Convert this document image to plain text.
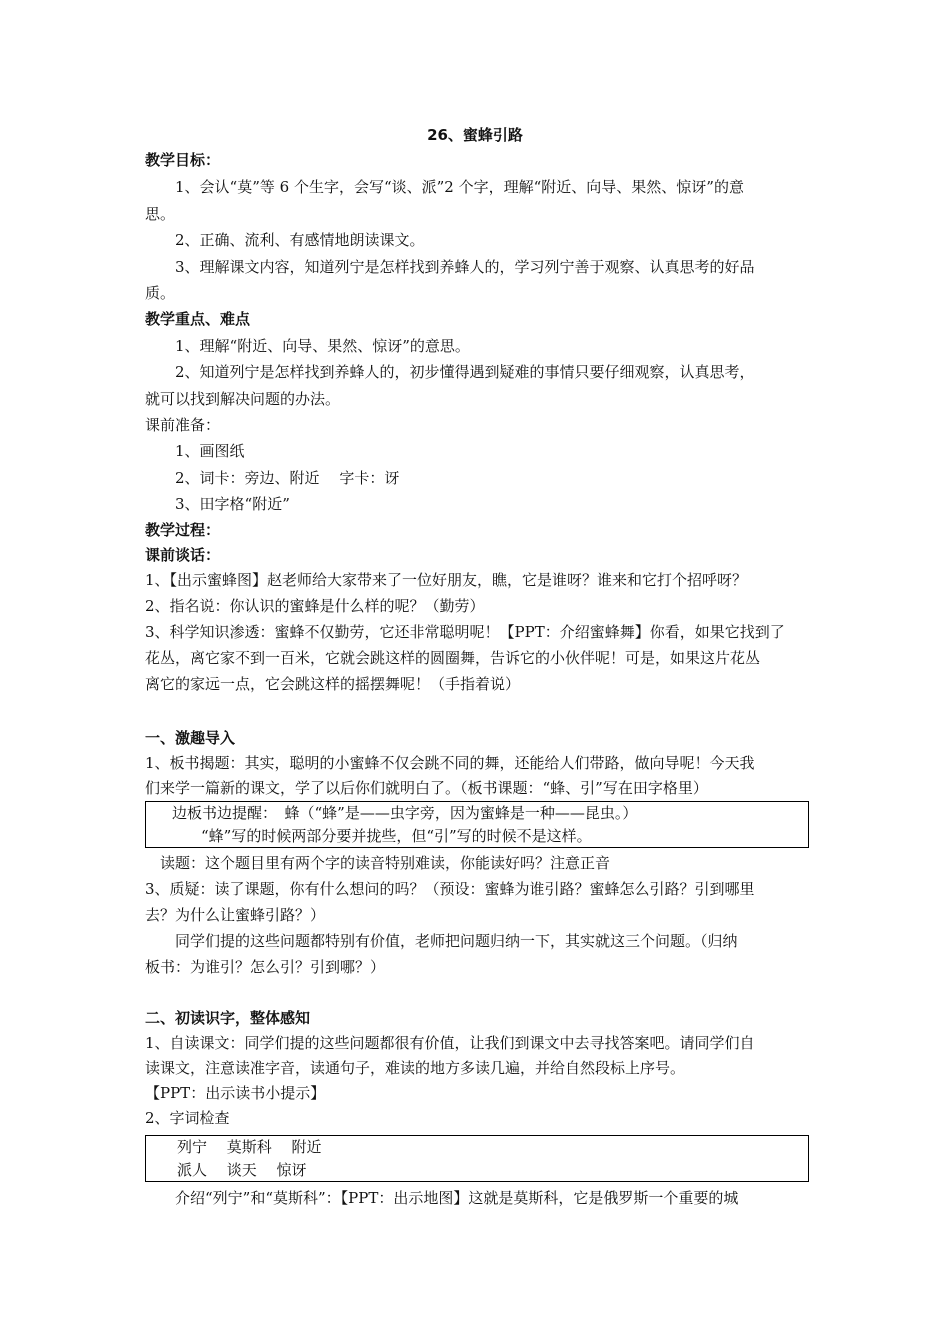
26、蜜蜂引路
教学目标：
1、会认“莫”等 6 个生字，会写“谈、派”2 个字，理解“附近、向导、果然、惊讶”的意
思。
2、正确、流利、有感情地朗读课文。
3、理解课文内容，知道列宁是怎样找到养蜂人的，学习列宁善于观察、认真思考的好品
质。
教学重点、难点
1、理解“附近、向导、果然、惊讶”的意思。
2、知道列宁是怎样找到养蜂人的，初步懂得遇到疑难的事情只要仔细观察，认真思考，
就可以找到解决问题的办法。
课前准备：
1、画图纸
2、词卡：旁边、附近　 字卡：讶
3、田字格“附近”
教学过程：
课前谈话：
1、【出示蜜蜂图】赵老师给大家带来了一位好朋友，瞧，它是谁呀？谁来和它打个招呼呀？
2、指名说：你认识的蜜蜂是什么样的呢？（勤劳）
3、科学知识渗透：蜜蜂不仅勤劳，它还非常聪明呢！【PPT：介绍蜜蜂舞】你看，如果它找到了
花丛，离它家不到一百米，它就会跳这样的圆圈舞，告诉它的小伙伴呢！可是，如果这片花丛
离它的家远一点，它会跳这样的摇摆舞呢！（手指着说）
一、激趣导入
1、板书揭题：其实，聪明的小蜜蜂不仅会跳不同的舞，还能给人们带路，做向导呢！今天我
们来学一篇新的课文，学了以后你们就明白了。（板书课题：“蜂、引”写在田字格里）
边板书边提醒：　蜂（“蜂”是——虫字旁，因为蜜蜂是一种——昆虫。）
“蜂”写的时候两部分要并拢些，但“引”写的时候不是这样。
读题：这个题目里有两个字的读音特别难读，你能读好吗？注意正音
3、质疑：读了课题，你有什么想问的吗？（预设：蜜蜂为谁引路？蜜蜂怎么引路？引到哪里
去？为什么让蜜蜂引路？）
同学们提的这些问题都特别有价值，老师把问题归纳一下，其实就这三个问题。（归纳
板书：为谁引？怎么引？引到哪？）
二、初读识字，整体感知
1、自读课文：同学们提的这些问题都很有价值，让我们到课文中去寻找答案吧。请同学们自
读课文，注意读准字音，读通句子，难读的地方多读几遍，并给自然段标上序号。
【PPT：出示读书小提示】
2、字词检查
列宁　 莫斯科　 附近
派人　 谈天　 惊讶
介绍“列宁”和“莫斯科”：【PPT：出示地图】这就是莫斯科，它是俄罗斯一个重要的城
